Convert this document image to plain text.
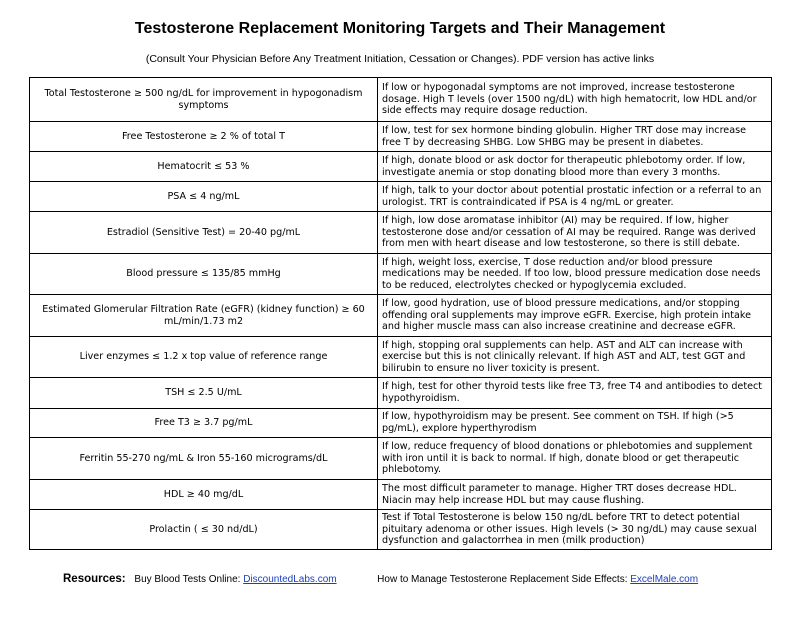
Testosterone Replacement Monitoring Targets and Their Management
(Consult Your Physician Before Any Treatment Initiation, Cessation or Changes). PDF version has active links
Total Testosterone ≥ 500 ng/dL for improvement in hypogonadism symptoms	If low or hypogonadal symptoms are not improved, increase testosterone dosage. High T levels (over 1500 ng/dL) with high hematocrit, low HDL and/or side effects may require dosage reduction.
Free Testosterone ≥ 2 % of total T	If low, test for sex hormone binding globulin. Higher TRT dose may increase free T by decreasing SHBG. Low SHBG may be present in diabetes.
Hematocrit ≤ 53 %	If high, donate blood or ask doctor for therapeutic phlebotomy order. If low, investigate anemia or stop donating blood more than every 3 months.
PSA ≤ 4 ng/mL	If high, talk to your doctor about potential prostatic infection or a referral to an urologist. TRT is contraindicated if PSA is 4 ng/mL or greater.
Estradiol (Sensitive Test) = 20-40 pg/mL	If high, low dose aromatase inhibitor (AI) may be required. If low, higher testosterone dose and/or cessation of AI may be required. Range was derived from men with heart disease and low testosterone, so there is still debate.
Blood pressure ≤ 135/85 mmHg	If high, weight loss, exercise, T dose reduction and/or blood pressure medications may be needed. If too low, blood pressure medication dose needs to be reduced, electrolytes checked or hypoglycemia excluded.
Estimated Glomerular Filtration Rate (eGFR) (kidney function) ≥ 60 mL/min/1.73 m2	If low, good hydration, use of blood pressure medications, and/or stopping offending oral supplements may improve eGFR. Exercise, high protein intake and higher muscle mass can also increase creatinine and decrease eGFR.
Liver enzymes ≤ 1.2 x top value of reference range	If high, stopping oral supplements can help. AST and ALT can increase with exercise but this is not clinically relevant. If high AST and ALT, test GGT and bilirubin to ensure no liver toxicity is present.
TSH ≤ 2.5 U/mL	If high, test for other thyroid tests like free T3, free T4 and antibodies to detect hypothyroidism.
Free T3 ≥ 3.7 pg/mL	If low, hypothyroidism may be present. See comment on TSH. If high (>5 pg/mL), explore hyperthyrodism
Ferritin 55-270 ng/mL & Iron 55-160 micrograms/dL	If low, reduce frequency of blood donations or phlebotomies and supplement with iron until it is back to normal. If high, donate blood or get therapeutic phlebotomy.
HDL ≥ 40 mg/dL	The most difficult parameter to manage. Higher TRT doses decrease HDL. Niacin may help increase HDL but may cause flushing.
Prolactin ( ≤ 30 nd/dL)	Test if Total Testosterone is below 150 ng/dL before TRT to detect potential pituitary adenoma or other issues. High levels (> 30 ng/dL) may cause sexual dysfunction and galactorrhea in men (milk production)
Resources: Buy Blood Tests Online: DiscountedLabs.com	How to Manage Testosterone Replacement Side Effects: ExcelMale.com
